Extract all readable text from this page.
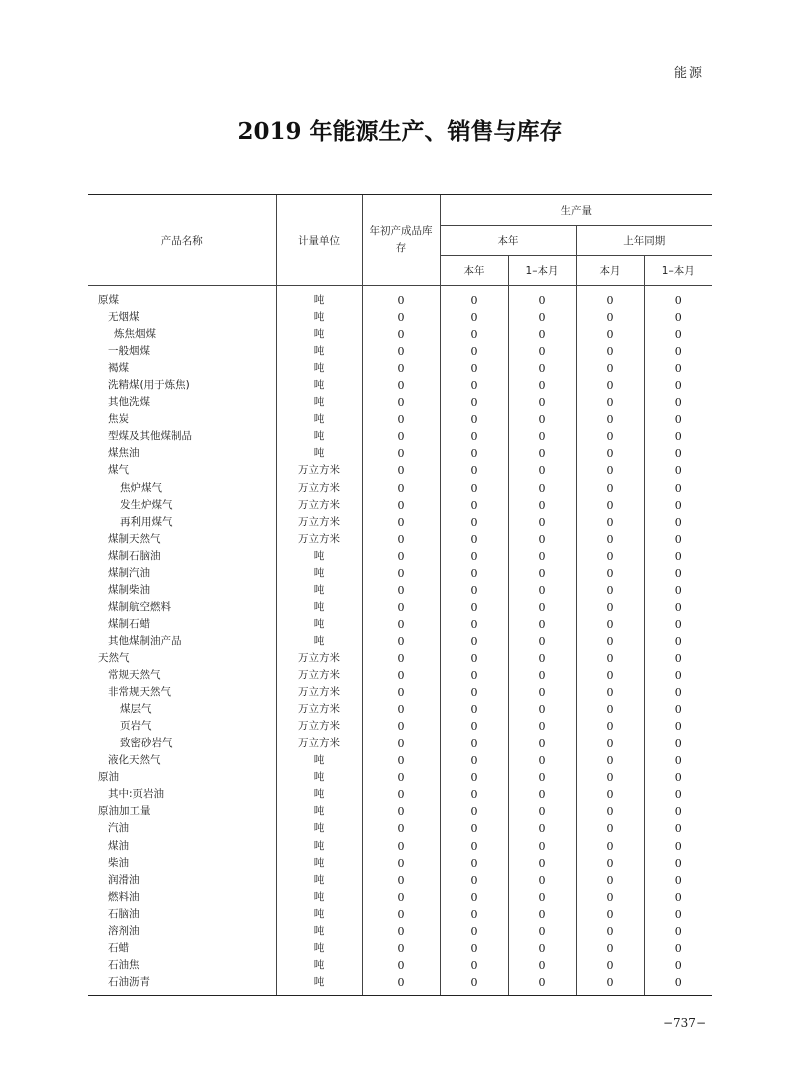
能源
2019 年能源生产、销售与库存
产品名称	计量单位	年初产成品库存	生产量			
			本年		上年同期	
			本年	1–本月	本月	1–本月
原煤	吨	0	0	0	0	0
无烟煤	吨	0	0	0	0	0
炼焦烟煤	吨	0	0	0	0	0
一般烟煤	吨	0	0	0	0	0
褐煤	吨	0	0	0	0	0
洗精煤(用于炼焦)	吨	0	0	0	0	0
其他洗煤	吨	0	0	0	0	0
焦炭	吨	0	0	0	0	0
型煤及其他煤制品	吨	0	0	0	0	0
煤焦油	吨	0	0	0	0	0
煤气	万立方米	0	0	0	0	0
焦炉煤气	万立方米	0	0	0	0	0
发生炉煤气	万立方米	0	0	0	0	0
再利用煤气	万立方米	0	0	0	0	0
煤制天然气	万立方米	0	0	0	0	0
煤制石脑油	吨	0	0	0	0	0
煤制汽油	吨	0	0	0	0	0
煤制柴油	吨	0	0	0	0	0
煤制航空燃料	吨	0	0	0	0	0
煤制石蜡	吨	0	0	0	0	0
其他煤制油产品	吨	0	0	0	0	0
天然气	万立方米	0	0	0	0	0
常规天然气	万立方米	0	0	0	0	0
非常规天然气	万立方米	0	0	0	0	0
煤层气	万立方米	0	0	0	0	0
页岩气	万立方米	0	0	0	0	0
致密砂岩气	万立方米	0	0	0	0	0
液化天然气	吨	0	0	0	0	0
原油	吨	0	0	0	0	0
其中:页岩油	吨	0	0	0	0	0
原油加工量	吨	0	0	0	0	0
汽油	吨	0	0	0	0	0
煤油	吨	0	0	0	0	0
柴油	吨	0	0	0	0	0
润滑油	吨	0	0	0	0	0
燃料油	吨	0	0	0	0	0
石脑油	吨	0	0	0	0	0
溶剂油	吨	0	0	0	0	0
石蜡	吨	0	0	0	0	0
石油焦	吨	0	0	0	0	0
石油沥青	吨	0	0	0	0	0
−737−
